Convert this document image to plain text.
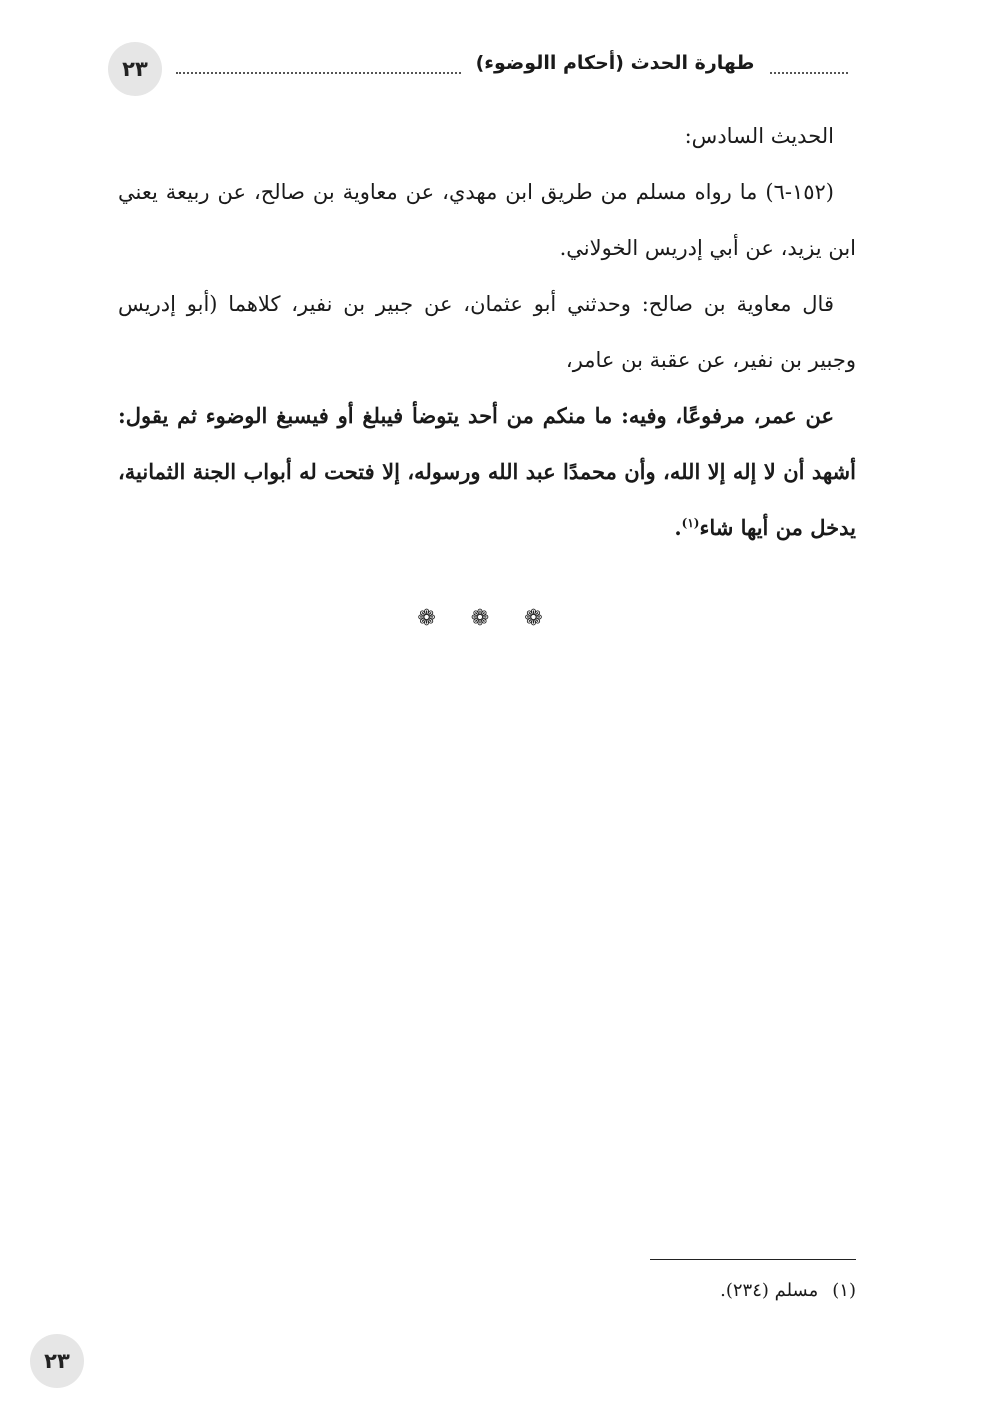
٢٣	طهارة الحدث (أحكام االوضوء)

الحديث السادس:

(١٥٢-٦) ما رواه مسلم من طريق ابن مهدي، عن معاوية بن صالح، عن ربيعة يعني ابن يزيد، عن أبي إدريس الخولاني.

قال معاوية بن صالح: وحدثني أبو عثمان، عن جبير بن نفير، كلاهما (أبو إدريس وجبير بن نفير، عن عقبة بن عامر،

عن عمر، مرفوعًا، وفيه: ما منكم من أحد يتوضأ فيبلغ أو فيسبغ الوضوء ثم يقول: أشهد أن لا إله إلا الله، وأن محمدًا عبد الله ورسوله، إلا فتحت له أبواب الجنة الثمانية، يدخل من أيها شاء$^{(١)}$.

❁ ❁ ❁
(١)مسلم (٢٣٤).
٢٣
